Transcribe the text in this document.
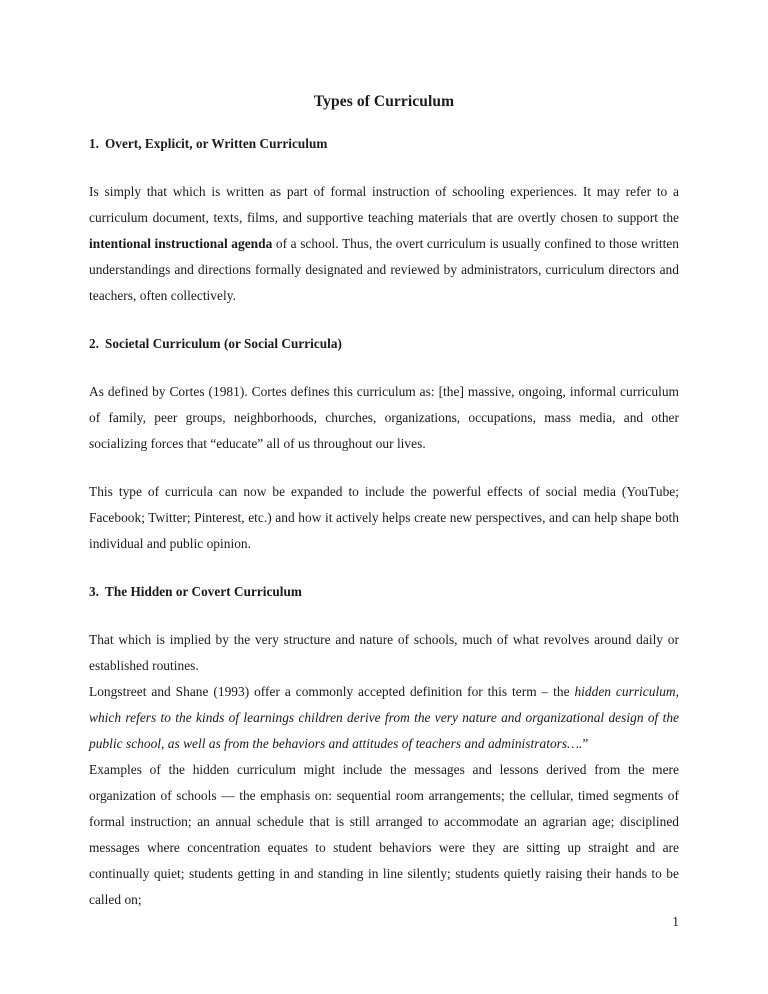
Types of Curriculum
1. Overt, Explicit, or Written Curriculum

Is simply that which is written as part of formal instruction of schooling experiences. It may refer to a curriculum document, texts, films, and supportive teaching materials that are overtly chosen to support the intentional instructional agenda of a school. Thus, the overt curriculum is usually confined to those written understandings and directions formally designated and reviewed by administrators, curriculum directors and teachers, often collectively.

2. Societal Curriculum (or Social Curricula)

As defined by Cortes (1981). Cortes defines this curriculum as: [the] massive, ongoing, informal curriculum of family, peer groups, neighborhoods, churches, organizations, occupations, mass media, and other socializing forces that “educate” all of us throughout our lives.

This type of curricula can now be expanded to include the powerful effects of social media (YouTube; Facebook; Twitter; Pinterest, etc.) and how it actively helps create new perspectives, and can help shape both individual and public opinion.

3. The Hidden or Covert Curriculum

That which is implied by the very structure and nature of schools, much of what revolves around daily or established routines.

Longstreet and Shane (1993) offer a commonly accepted definition for this term – the hidden curriculum, which refers to the kinds of learnings children derive from the very nature and organizational design of the public school, as well as from the behaviors and attitudes of teachers and administrators….”

Examples of the hidden curriculum might include the messages and lessons derived from the mere organization of schools — the emphasis on: sequential room arrangements; the cellular, timed segments of formal instruction; an annual schedule that is still arranged to accommodate an agrarian age; disciplined messages where concentration equates to student behaviors were they are sitting up straight and are continually quiet; students getting in and standing in line silently; students quietly raising their hands to be called on;

1
